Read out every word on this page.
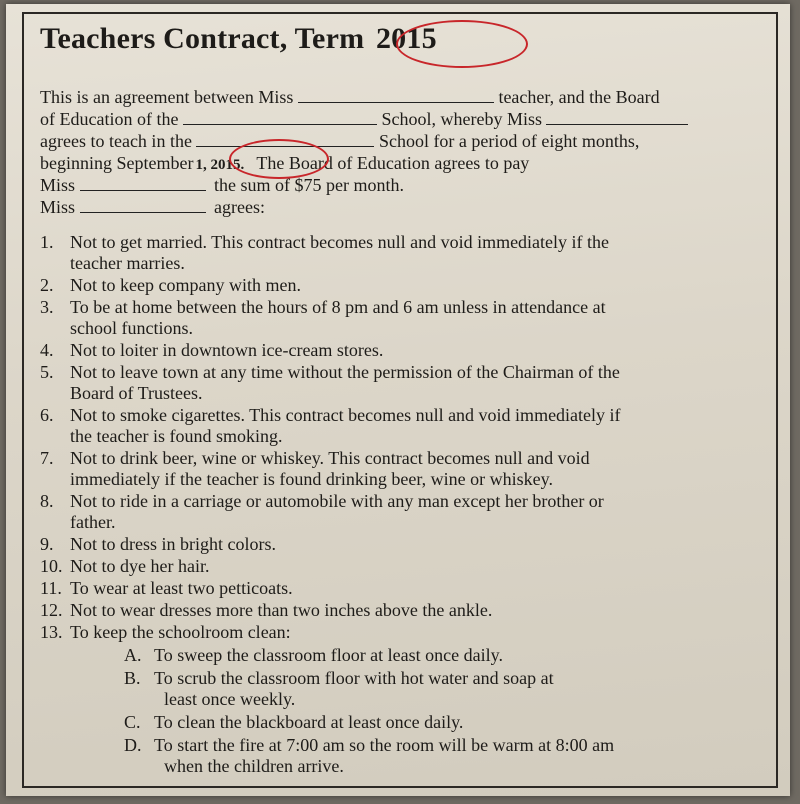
Teachers Contract, Term 2015
This is an agreement between Miss	teacher, and the Board
of Education of the	School, whereby Miss
agrees to teach in the	School for a period of eight months,
beginning September 1, 2015. The Board of Education agrees to pay
Miss	the sum of $75 per month.
Miss	agrees:
1. Not to get married. This contract becomes null and void immediately if the
teacher marries.
2. Not to keep company with men.
3. To be at home between the hours of 8 pm and 6 am unless in attendance at
school functions.
4. Not to loiter in downtown ice-cream stores.
5. Not to leave town at any time without the permission of the Chairman of the
Board of Trustees.
6. Not to smoke cigarettes. This contract becomes null and void immediately if
the teacher is found smoking.
7. Not to drink beer, wine or whiskey. This contract becomes null and void
immediately if the teacher is found drinking beer, wine or whiskey.
8. Not to ride in a carriage or automobile with any man except her brother or
father.
9. Not to dress in bright colors.
10. Not to dye her hair.
11. To wear at least two petticoats.
12. Not to wear dresses more than two inches above the ankle.
13. To keep the schoolroom clean:
A. To sweep the classroom floor at least once daily.
B. To scrub the classroom floor with hot water and soap at
least once weekly.
C. To clean the blackboard at least once daily.
D. To start the fire at 7:00 am so the room will be warm at 8:00 am
when the children arrive.
